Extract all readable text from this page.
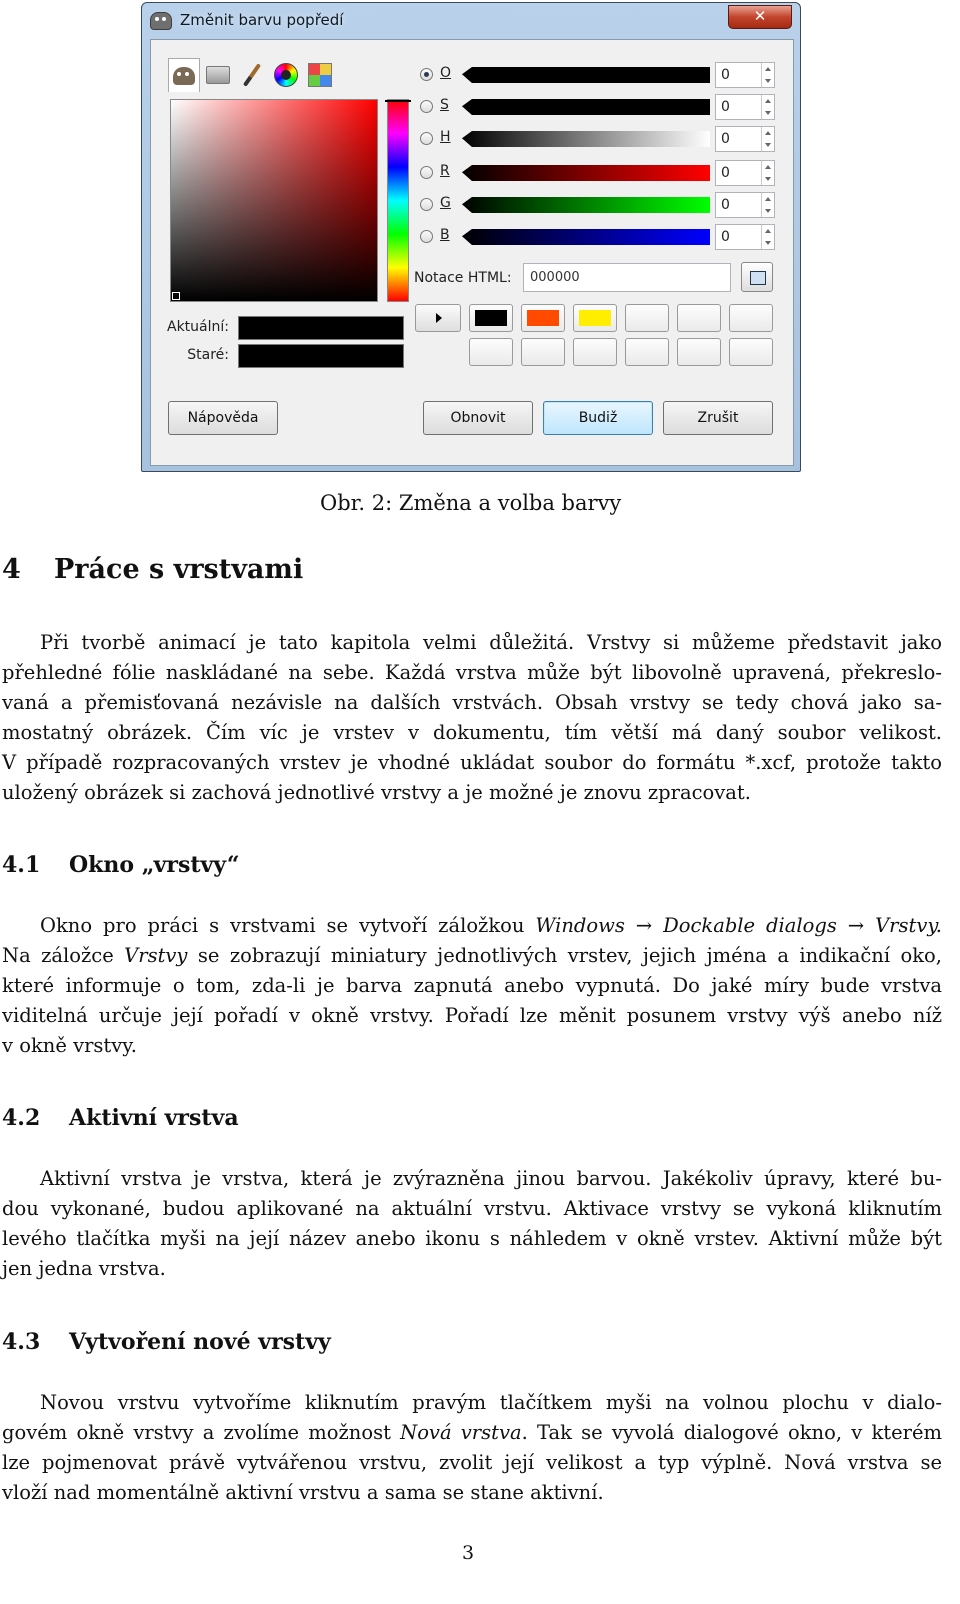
Změnit barvu popředí	✕
O	0
S	0
H	0
R	0
G	0
B	0
Notace HTML:
000000
Aktuální:
Staré:
Nápověda	Obnovit	Budiž	Zrušit
Obr. 2: Změna a volba barvy
4 Práce s vrstvami
Při tvorbě animací je tato kapitola velmi důležitá. Vrstvy si můžeme představit jako
přehledné fólie naskládané na sebe. Každá vrstva může být libovolně upravená, překreslo-
vaná a přemisťovaná nezávisle na dalších vrstvách. Obsah vrstvy se tedy chová jako sa-
mostatný obrázek. Čím víc je vrstev v dokumentu, tím větší má daný soubor velikost.
V případě rozpracovaných vrstev je vhodné ukládat soubor do formátu *.xcf, protože takto
uložený obrázek si zachová jednotlivé vrstvy a je možné je znovu zpracovat.
4.1 Okno „vrstvy“
Okno pro práci s vrstvami se vytvoří záložkou Windows → Dockable dialogs → Vrstvy.
Na záložce Vrstvy se zobrazují miniatury jednotlivých vrstev, jejich jména a indikační oko,
které informuje o tom, zda-li je barva zapnutá anebo vypnutá. Do jaké míry bude vrstva
viditelná určuje její pořadí v okně vrstvy. Pořadí lze měnit posunem vrstvy výš anebo níž
v okně vrstvy.
4.2 Aktivní vrstva
Aktivní vrstva je vrstva, která je zvýrazněna jinou barvou. Jakékoliv úpravy, které bu-
dou vykonané, budou aplikované na aktuální vrstvu. Aktivace vrstvy se vykoná kliknutím
levého tlačítka myši na její název anebo ikonu s náhledem v okně vrstev. Aktivní může být
jen jedna vrstva.
4.3 Vytvoření nové vrstvy
Novou vrstvu vytvoříme kliknutím pravým tlačítkem myši na volnou plochu v dialo-
govém okně vrstvy a zvolíme možnost Nová vrstva. Tak se vyvolá dialogové okno, v kterém
lze pojmenovat právě vytvářenou vrstvu, zvolit její velikost a typ výplně. Nová vrstva se
vloží nad momentálně aktivní vrstvu a sama se stane aktivní.
3
